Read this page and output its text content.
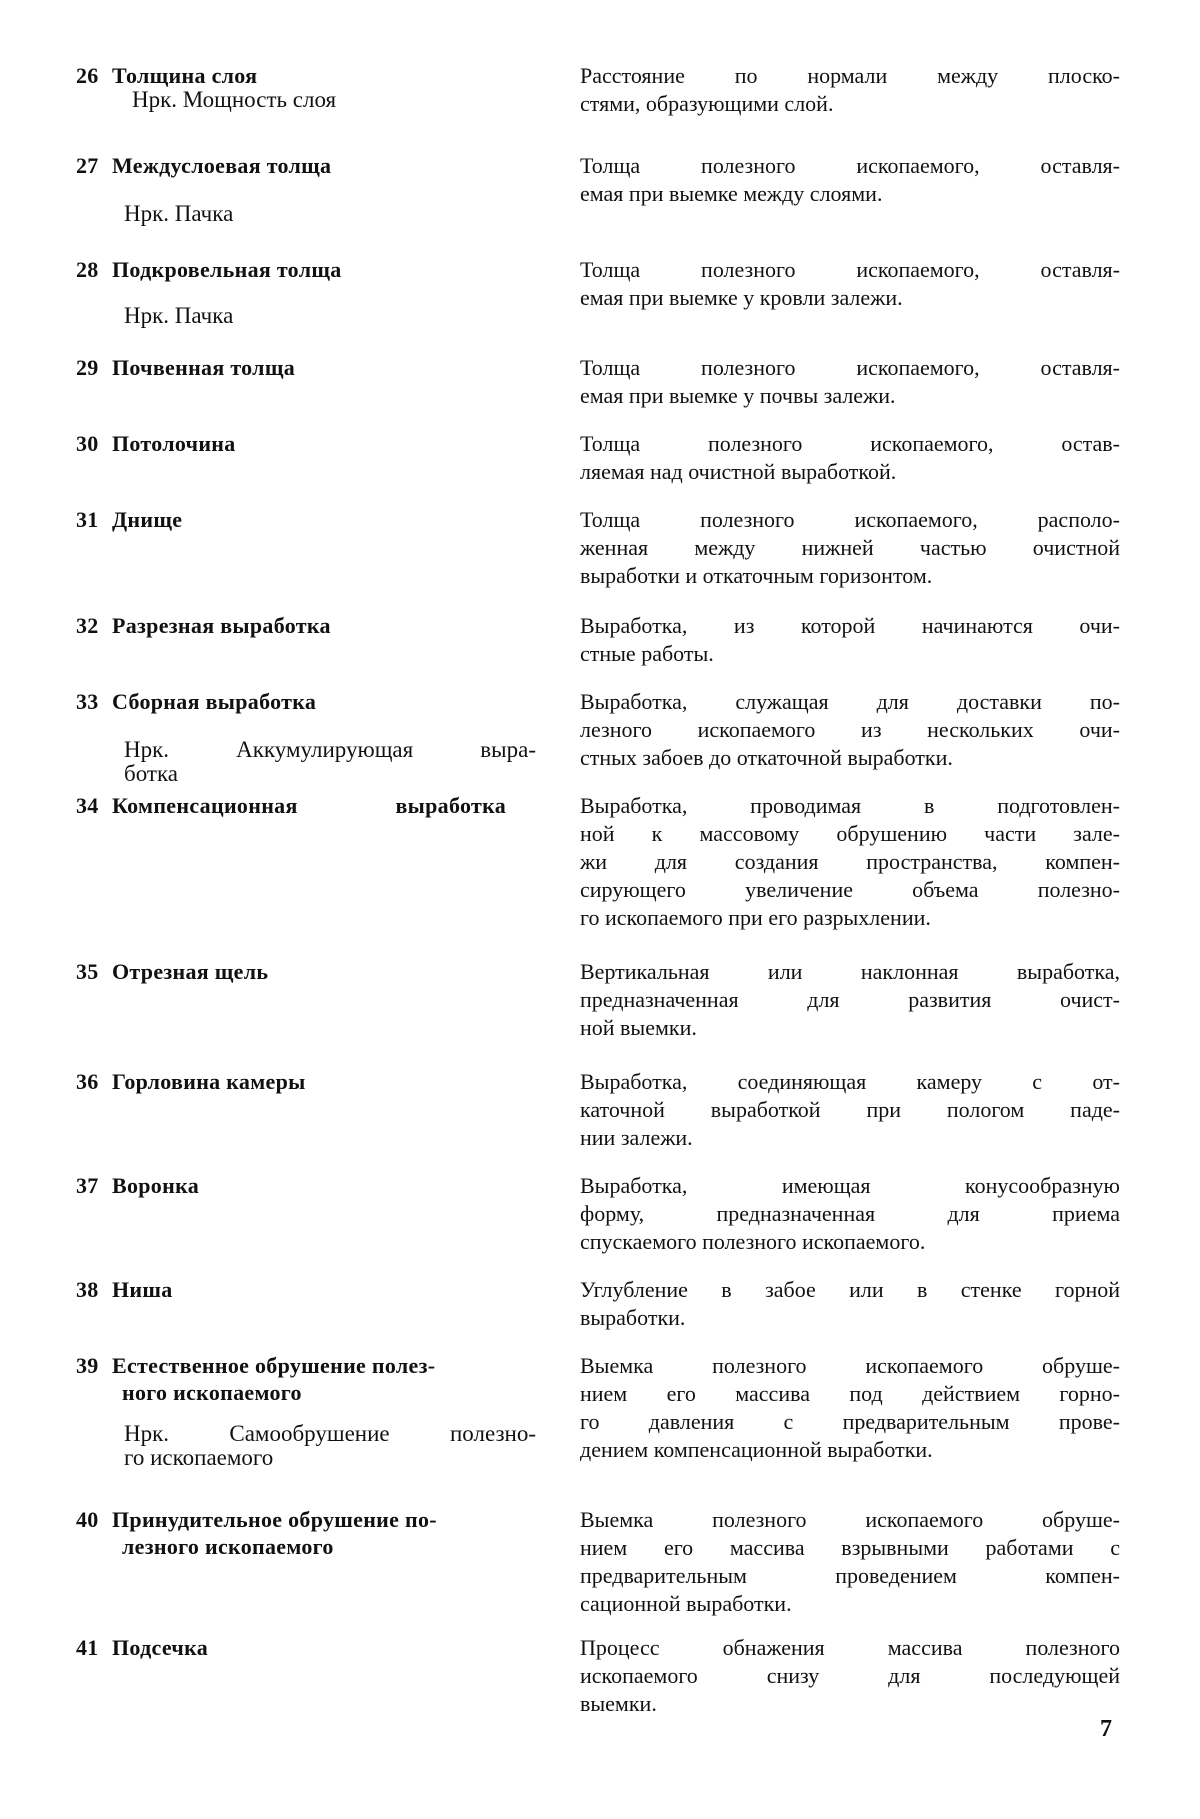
26 Толщина слоя
Нрк. Мощность слоя
Расстояние по нормали между плоско-
стями, образующими слой.
27 Междуслоевая толща
Нрк. Пачка
Толща полезного ископаемого, оставля-
емая при выемке между слоями.
28 Подкровельная толща
Нрк. Пачка
Толща полезного ископаемого, оставля-
емая при выемке у кровли залежи.
29 Почвенная толща	Толща полезного ископаемого, оставля-
емая при выемке у почвы залежи.
30 Потолочина	Толща полезного ископаемого, остав-
ляемая над очистной выработкой.
31 Днище	Толща полезного ископаемого, располо-
женная между нижней частью очистной
выработки и откаточным горизонтом.
32 Разрезная выработка	Выработка, из которой начинаются очи-
стные работы.
33 Сборная выработка
Нрк. Аккумулирующая выра-
ботка
Выработка, служащая для доставки по-
лезного ископаемого из нескольких очи-
стных забоев до откаточной выработки.
34 Компенсационная выработка	Выработка, проводимая в подготовлен-
ной к массовому обрушению части зале-
жи для создания пространства, компен-
сирующего увеличение объема полезно-
го ископаемого при его разрыхлении.
35 Отрезная щель	Вертикальная или наклонная выработка,
предназначенная для развития очист-
ной выемки.
36 Горловина камеры	Выработка, соединяющая камеру с от-
каточной выработкой при пологом паде-
нии залежи.
37 Воронка	Выработка, имеющая конусообразную
форму, предназначенная для приема
спускаемого полезного ископаемого.
38 Ниша	Углубление в забое или в стенке горной
выработки.
39 Естественное обрушение полез-
ного ископаемого
Нрк. Самообрушение полезно-
го ископаемого
Выемка полезного ископаемого обруше-
нием его массива под действием горно-
го давления с предварительным прове-
дением компенсационной выработки.
40 Принудительное обрушение по-
лезного ископаемого
Выемка полезного ископаемого обруше-
нием его массива взрывными работами с
предварительным проведением компен-
сационной выработки.
41 Подсечка	Процесс обнажения массива полезного
ископаемого снизу для последующей
выемки.
7
